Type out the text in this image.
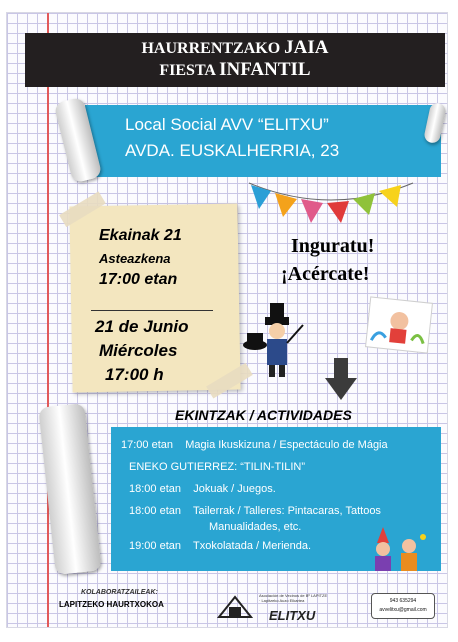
HAURRENTZAKO JAIA
FIESTA INFANTIL
Local Social AVV “ELITXU”
AVDA. EUSKALHERRIA, 23
Ekainak 21
Asteazkena
17:00 etan
21 de Junio
Miércoles
17:00 h
Inguratu!
¡Acércate!
EKINTZAK / ACTIVIDADES
17:00 etan Magia Ikuskizuna / Espectáculo de Mágia
ENEKO GUTIERREZ: “TILIN-TILIN”
18:00 etan Jokuak / Juegos.
18:00 etan Tailerrak / Talleres: Pintacaras, Tattoos
Manualidades, etc.
19:00 etan Txokolatada / Merienda.
KOLABORATZAILEAK:
LAPITZEKO HAURTXOKOA
Asociación de Vecinos de Bº LAPITZE · Lapitzeko Auzo Elkartea
ELITXU
943 635294
avvelitxu@gmail.com
